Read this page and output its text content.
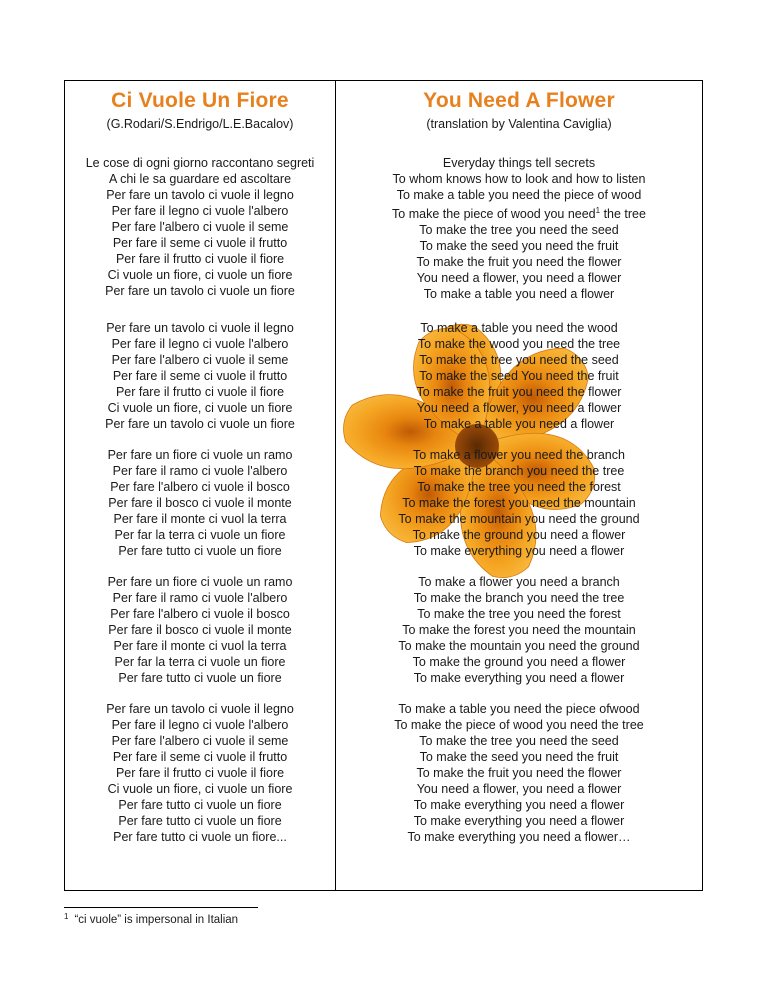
Ci Vuole Un Fiore
(G.Rodari/S.Endrigo/L.E.Bacalov)
Le cose di ogni giorno raccontano segreti
A chi le sa guardare ed ascoltare
Per fare un tavolo ci vuole il legno
Per fare il legno ci vuole l'albero
Per fare l'albero ci vuole il seme
Per fare il seme ci vuole il frutto
Per fare il frutto ci vuole il fiore
Ci vuole un fiore, ci vuole un fiore
Per fare un tavolo ci vuole un fiore
Per fare un tavolo ci vuole il legno
Per fare il legno ci vuole l'albero
Per fare l'albero ci vuole il seme
Per fare il seme ci vuole il frutto
Per fare il frutto ci vuole il fiore
Ci vuole un fiore, ci vuole un fiore
Per fare un tavolo ci vuole un fiore
Per fare un fiore ci vuole un ramo
Per fare il ramo ci vuole l'albero
Per fare l'albero ci vuole il bosco
Per fare il bosco ci vuole il monte
Per fare il monte ci vuol la terra
Per far la terra ci vuole un fiore
Per fare tutto ci vuole un fiore
Per fare un fiore ci vuole un ramo
Per fare il ramo ci vuole l'albero
Per fare l'albero ci vuole il bosco
Per fare il bosco ci vuole il monte
Per fare il monte ci vuol la terra
Per far la terra ci vuole un fiore
Per fare tutto ci vuole un fiore
Per fare un tavolo ci vuole il legno
Per fare il legno ci vuole l'albero
Per fare l'albero ci vuole il seme
Per fare il seme ci vuole il frutto
Per fare il frutto ci vuole il fiore
Ci vuole un fiore, ci vuole un fiore
Per fare tutto ci vuole un fiore
Per fare tutto ci vuole un fiore
Per fare tutto ci vuole un fiore...
You Need A Flower
(translation by Valentina Caviglia)
Everyday things tell secrets
To whom knows how to look and how to listen
To make a table you need the piece of wood
To make the piece of wood you need$^1$ the tree
To make the tree you need the seed
To make the seed you need the fruit
To make the fruit you need the flower
You need a flower, you need a flower
To make a table you need a flower
To make a table you need the wood
To make the wood you need the tree
To make the tree you need the seed
To make the seed You need the fruit
To make the fruit you need the flower
You need a flower, you need a flower
To make a table you need a flower
To make a flower you need the branch
To make the branch you need the tree
To make the tree you need the forest
To make the forest you need the mountain
To make the mountain you need the ground
To make the ground you need a flower
To make everything you need a flower
To make a flower you need a branch
To make the branch you need the tree
To make the tree you need the forest
To make the forest you need the mountain
To make the mountain you need the ground
To make the ground you need a flower
To make everything you need a flower
To make a table you need the piece ofwood
To make the piece of wood you need the tree
To make the tree you need the seed
To make the seed you need the fruit
To make the fruit you need the flower
You need a flower, you need a flower
To make everything you need a flower
To make everything you need a flower
To make everything you need a flower…
$^1$ “ci vuole” is impersonal in Italian
